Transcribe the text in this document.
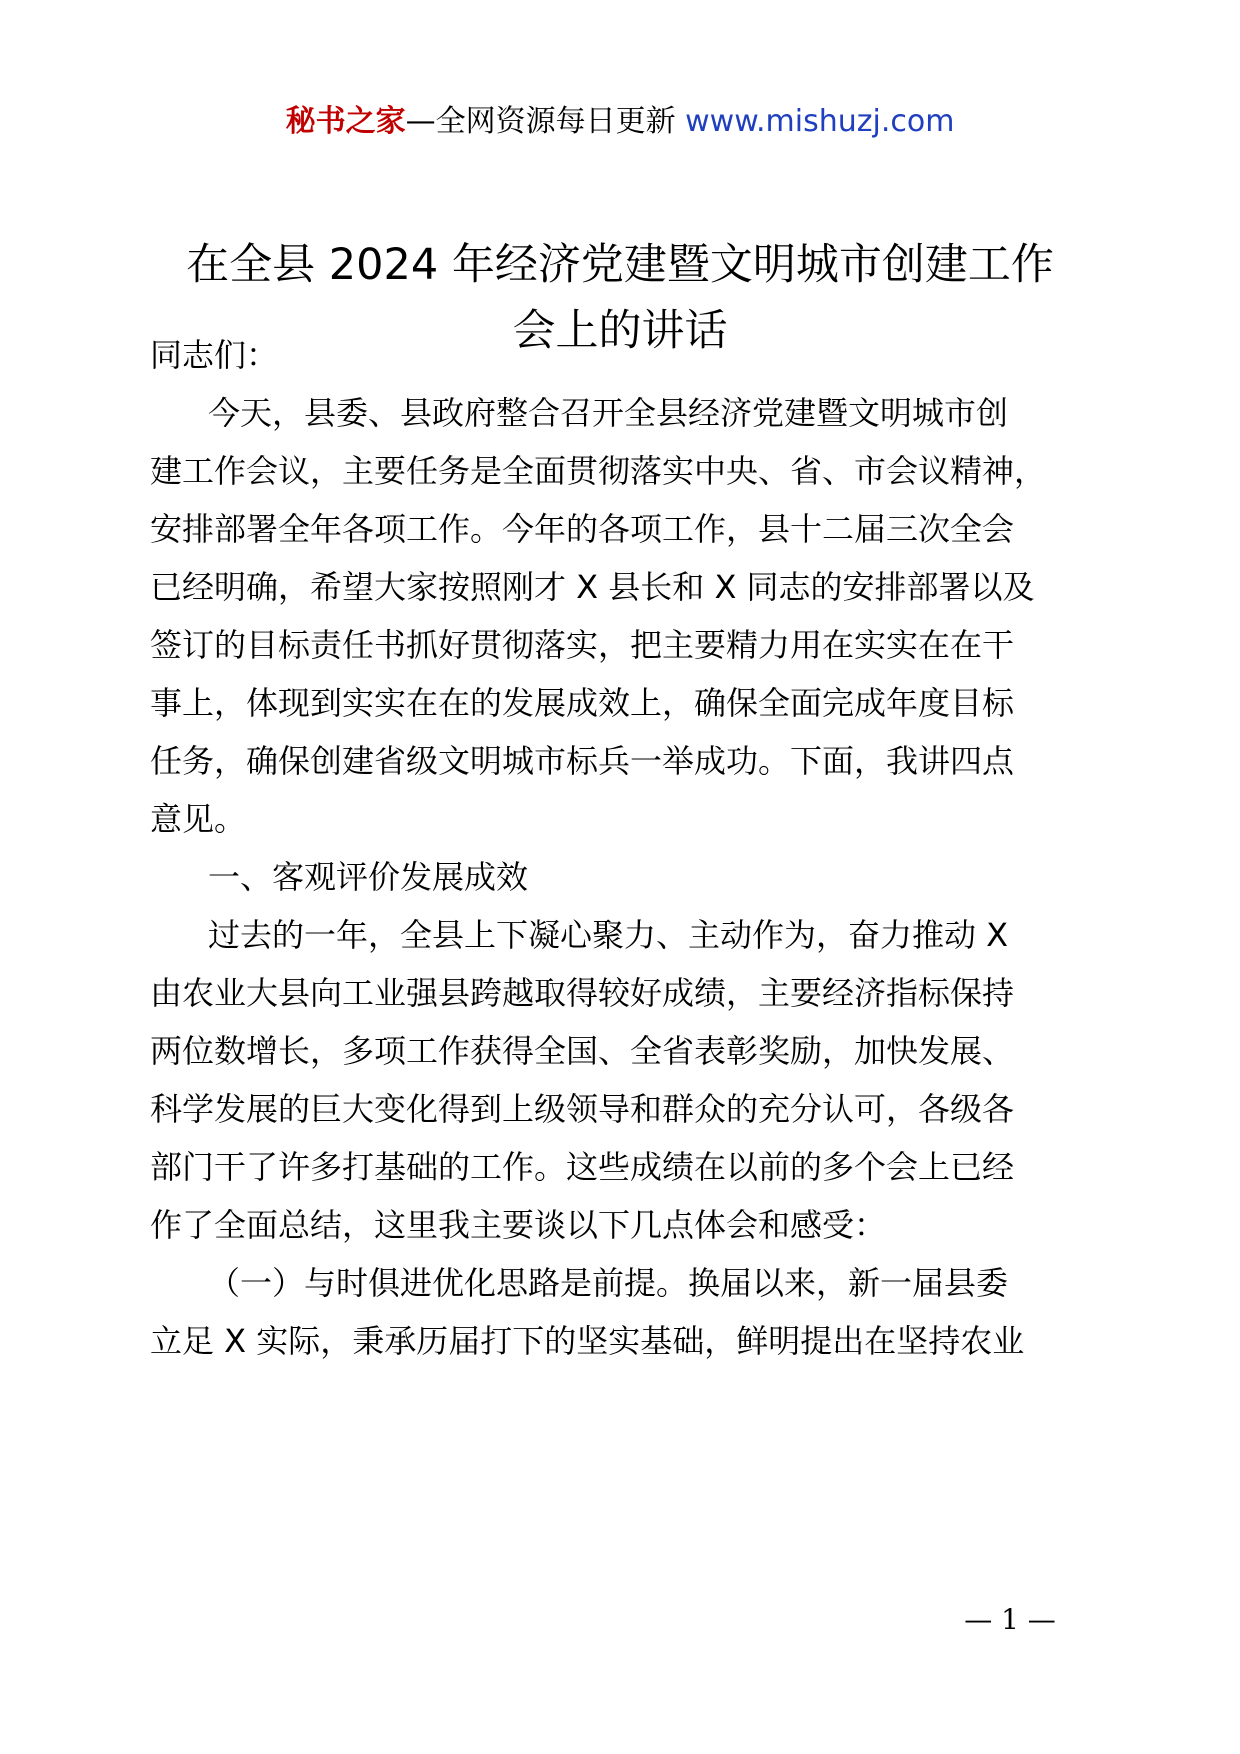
秘书之家—全网资源每日更新 www.mishuzj.com
在全县 2024 年经济党建暨文明城市创建工作
会上的讲话
同志们：
今天，县委、县政府整合召开全县经济党建暨文明城市创
建工作会议，主要任务是全面贯彻落实中央、省、市会议精神，
安排部署全年各项工作。今年的各项工作，县十二届三次全会
已经明确，希望大家按照刚才 X 县长和 X 同志的安排部署以及
签订的目标责任书抓好贯彻落实，把主要精力用在实实在在干
事上，体现到实实在在的发展成效上，确保全面完成年度目标
任务，确保创建省级文明城市标兵一举成功。下面，我讲四点
意见。
一、客观评价发展成效
过去的一年，全县上下凝心聚力、主动作为，奋力推动 X
由农业大县向工业强县跨越取得较好成绩，主要经济指标保持
两位数增长，多项工作获得全国、全省表彰奖励，加快发展、
科学发展的巨大变化得到上级领导和群众的充分认可，各级各
部门干了许多打基础的工作。这些成绩在以前的多个会上已经
作了全面总结，这里我主要谈以下几点体会和感受：
（一）与时俱进优化思路是前提。换届以来，新一届县委
立足 X 实际，秉承历届打下的坚实基础，鲜明提出在坚持农业
— 1 —
